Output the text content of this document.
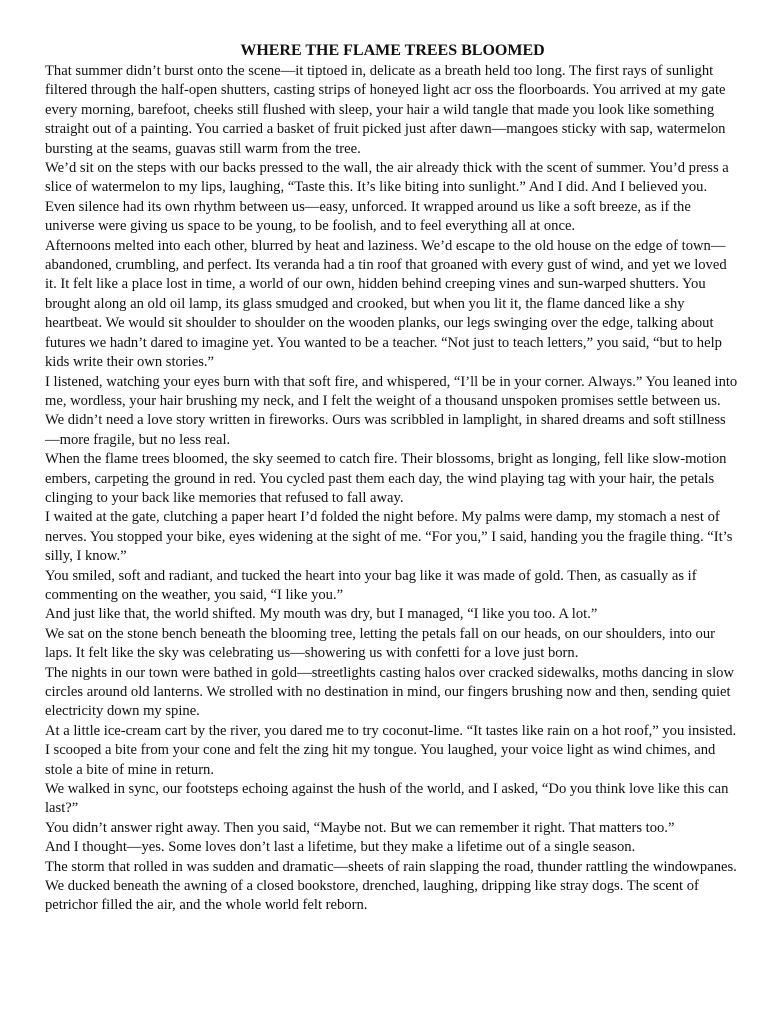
WHERE THE FLAME TREES BLOOMED

That summer didn’t burst onto the scene—it tiptoed in, delicate as a breath held too long. The first rays of sunlight filtered through the half-open shutters, casting strips of honeyed light acr oss the floorboards. You arrived at my gate every morning, barefoot, cheeks still flushed with sleep, your hair a wild tangle that made you look like something straight out of a painting. You carried a basket of fruit picked just after dawn—mangoes sticky with sap, watermelon bursting at the seams, guavas still warm from the tree.

We’d sit on the steps with our backs pressed to the wall, the air already thick with the scent of summer. You’d press a slice of watermelon to my lips, laughing, “Taste this. It’s like biting into sunlight.” And I did. And I believed you.

Even silence had its own rhythm between us—easy, unforced. It wrapped around us like a soft breeze, as if the universe were giving us space to be young, to be foolish, and to feel everything all at once.

Afternoons melted into each other, blurred by heat and laziness. We’d escape to the old house on the edge of town—abandoned, crumbling, and perfect. Its veranda had a tin roof that groaned with every gust of wind, and yet we loved it. It felt like a place lost in time, a world of our own, hidden behind creeping vines and sun-warped shutters. You brought along an old oil lamp, its glass smudged and crooked, but when you lit it, the flame danced like a shy heartbeat. We would sit shoulder to shoulder on the wooden planks, our legs swinging over the edge, talking about futures we hadn’t dared to imagine yet. You wanted to be a teacher. “Not just to teach letters,” you said, “but to help kids write their own stories.”

I listened, watching your eyes burn with that soft fire, and whispered, “I’ll be in your corner. Always.” You leaned into me, wordless, your hair brushing my neck, and I felt the weight of a thousand unspoken promises settle between us.

We didn’t need a love story written in fireworks. Ours was scribbled in lamplight, in shared dreams and soft stillness—more fragile, but no less real.

When the flame trees bloomed, the sky seemed to catch fire. Their blossoms, bright as longing, fell like slow-motion embers, carpeting the ground in red. You cycled past them each day, the wind playing tag with your hair, the petals clinging to your back like memories that refused to fall away.

I waited at the gate, clutching a paper heart I’d folded the night before. My palms were damp, my stomach a nest of nerves. You stopped your bike, eyes widening at the sight of me. “For you,” I said, handing you the fragile thing. “It’s silly, I know.”

You smiled, soft and radiant, and tucked the heart into your bag like it was made of gold. Then, as casually as if commenting on the weather, you said, “I like you.”

And just like that, the world shifted. My mouth was dry, but I managed, “I like you too. A lot.”

We sat on the stone bench beneath the blooming tree, letting the petals fall on our heads, on our shoulders, into our laps. It felt like the sky was celebrating us—showering us with confetti for a love just born.

The nights in our town were bathed in gold—streetlights casting halos over cracked sidewalks, moths dancing in slow circles around old lanterns. We strolled with no destination in mind, our fingers brushing now and then, sending quiet electricity down my spine.

At a little ice-cream cart by the river, you dared me to try coconut-lime. “It tastes like rain on a hot roof,” you insisted. I scooped a bite from your cone and felt the zing hit my tongue. You laughed, your voice light as wind chimes, and stole a bite of mine in return.

We walked in sync, our footsteps echoing against the hush of the world, and I asked, “Do you think love like this can last?”

You didn’t answer right away. Then you said, “Maybe not. But we can remember it right. That matters too.”

And I thought—yes. Some loves don’t last a lifetime, but they make a lifetime out of a single season.

The storm that rolled in was sudden and dramatic—sheets of rain slapping the road, thunder rattling the windowpanes. We ducked beneath the awning of a closed bookstore, drenched, laughing, dripping like stray dogs. The scent of petrichor filled the air, and the whole world felt reborn.
